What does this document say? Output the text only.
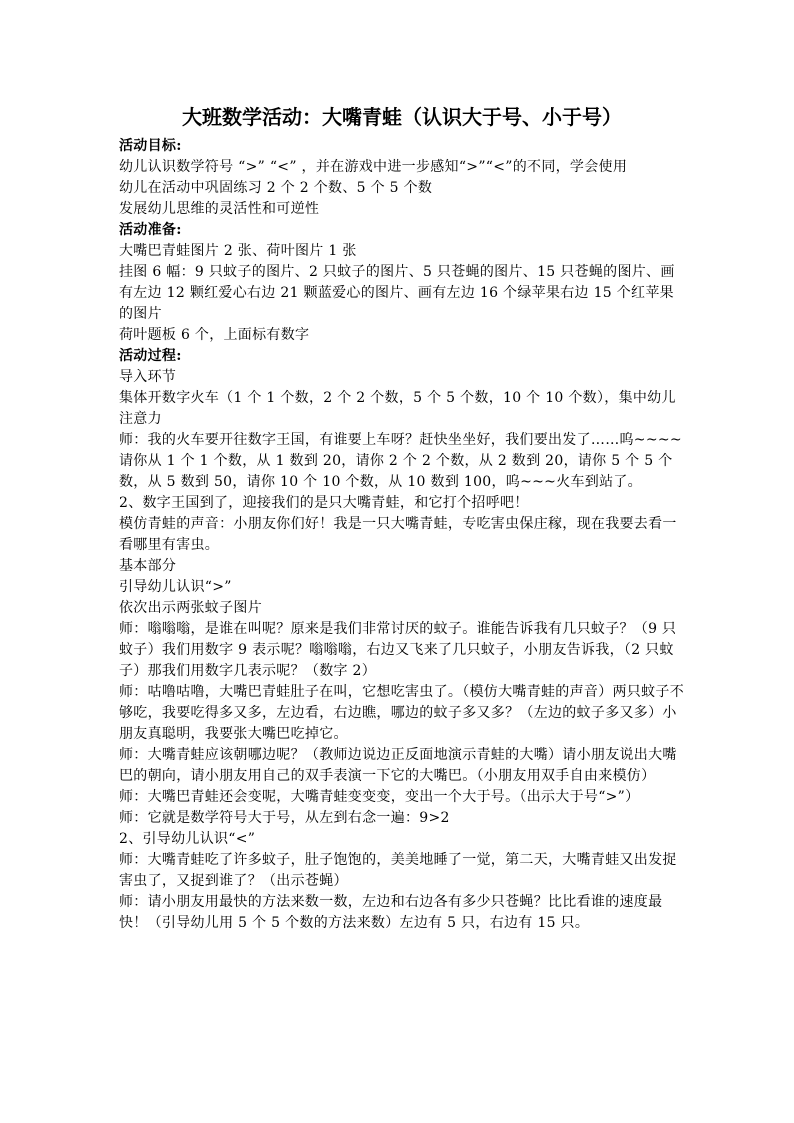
大班数学活动：大嘴青蛙（认识大于号、小于号）

活动目标:

幼儿认识数学符号 “>” “<” ，并在游戏中进一步感知“>”“<”的不同，学会使用

幼儿在活动中巩固练习 2 个 2 个数、5 个 5 个数

发展幼儿思维的灵活性和可逆性

活动准备:

大嘴巴青蛙图片 2 张、荷叶图片 1 张

挂图 6 幅：9 只蚊子的图片、2 只蚊子的图片、5 只苍蝇的图片、15 只苍蝇的图片、画有左边 12 颗红爱心右边 21 颗蓝爱心的图片、画有左边 16 个绿苹果右边 15 个红苹果的图片

荷叶题板 6 个，上面标有数字

活动过程:

导入环节

集体开数字火车（1 个 1 个数，2 个 2 个数，5 个 5 个数，10 个 10 个数），集中幼儿注意力

师：我的火车要开往数字王国，有谁要上车呀？赶快坐坐好，我们要出发了……呜~~~~请你从 1 个 1 个数，从 1 数到 20，请你 2 个 2 个数，从 2 数到 20，请你 5 个 5 个数，从 5 数到 50，请你 10 个 10 个数，从 10 数到 100，呜~~~火车到站了。

2、数字王国到了，迎接我们的是只大嘴青蛙，和它打个招呼吧！

模仿青蛙的声音：小朋友你们好！我是一只大嘴青蛙，专吃害虫保庄稼，现在我要去看一看哪里有害虫。

基本部分

引导幼儿认识“>”

依次出示两张蚊子图片

师：嗡嗡嗡，是谁在叫呢？原来是我们非常讨厌的蚊子。谁能告诉我有几只蚊子？（9 只蚊子）我们用数字 9 表示呢？嗡嗡嗡，右边又飞来了几只蚊子，小朋友告诉我，（2 只蚊子）那我们用数字几表示呢？（数字 2）

师：咕噜咕噜，大嘴巴青蛙肚子在叫，它想吃害虫了。（模仿大嘴青蛙的声音）两只蚊子不够吃，我要吃得多又多，左边看，右边瞧，哪边的蚊子多又多？（左边的蚊子多又多）小朋友真聪明，我要张大嘴巴吃掉它。

师：大嘴青蛙应该朝哪边呢？（教师边说边正反面地演示青蛙的大嘴）请小朋友说出大嘴巴的朝向，请小朋友用自己的双手表演一下它的大嘴巴。（小朋友用双手自由来模仿）

师：大嘴巴青蛙还会变呢，大嘴青蛙变变变，变出一个大于号。（出示大于号“>”）

师：它就是数学符号大于号，从左到右念一遍：9>2

2、引导幼儿认识“<”

师：大嘴青蛙吃了许多蚊子，肚子饱饱的，美美地睡了一觉，第二天，大嘴青蛙又出发捉害虫了，又捉到谁了？（出示苍蝇）

师：请小朋友用最快的方法来数一数，左边和右边各有多少只苍蝇？比比看谁的速度最快！（引导幼儿用 5 个 5 个数的方法来数）左边有 5 只，右边有 15 只。
